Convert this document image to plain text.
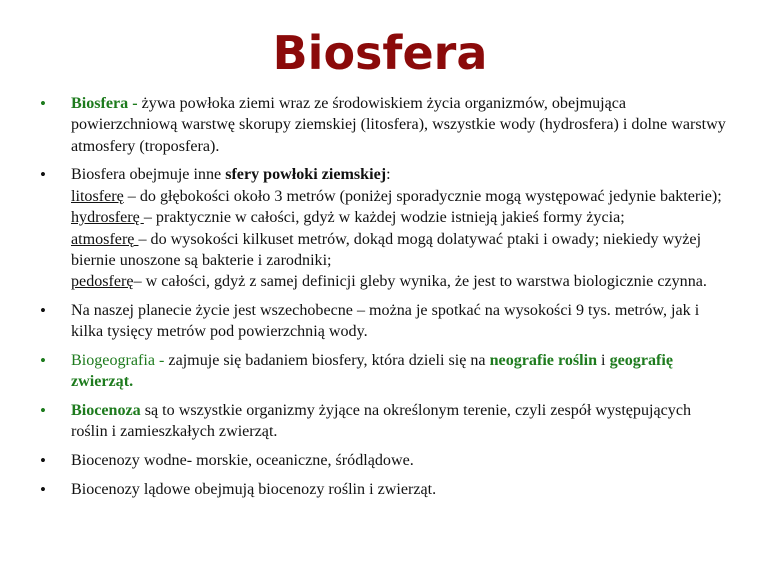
Biosfera
•	Biosfera - żywa powłoka ziemi wraz ze środowiskiem życia organizmów, obejmująca powierzchniową warstwę skorupy ziemskiej (litosfera), wszystkie wody (hydrosfera) i dolne warstwy atmosfery (troposfera).
•	Biosfera obejmuje inne sfery powłoki ziemskiej:
litosferę – do głębokości około 3 metrów (poniżej sporadycznie mogą występować jedynie bakterie);
hydrosferę – praktycznie w całości, gdyż w każdej wodzie istnieją jakieś formy życia;
atmosferę – do wysokości kilkuset metrów, dokąd mogą dolatywać ptaki i owady; niekiedy wyżej biernie unoszone są bakterie i zarodniki;
pedosferę– w całości, gdyż z samej definicji gleby wynika, że jest to warstwa biologicznie czynna.
•	Na naszej planecie życie jest wszechobecne – można je spotkać na wysokości 9 tys. metrów, jak i kilka tysięcy metrów pod powierzchnią wody.
•	Biogeografia - zajmuje się badaniem biosfery, która dzieli się na neografie roślin i geografię zwierząt.
•	Biocenoza są to wszystkie organizmy żyjące na określonym terenie, czyli zespół występujących roślin i zamieszkałych zwierząt.
•	Biocenozy wodne- morskie, oceaniczne, śródlądowe.
•	Biocenozy lądowe obejmują biocenozy roślin i zwierząt.
